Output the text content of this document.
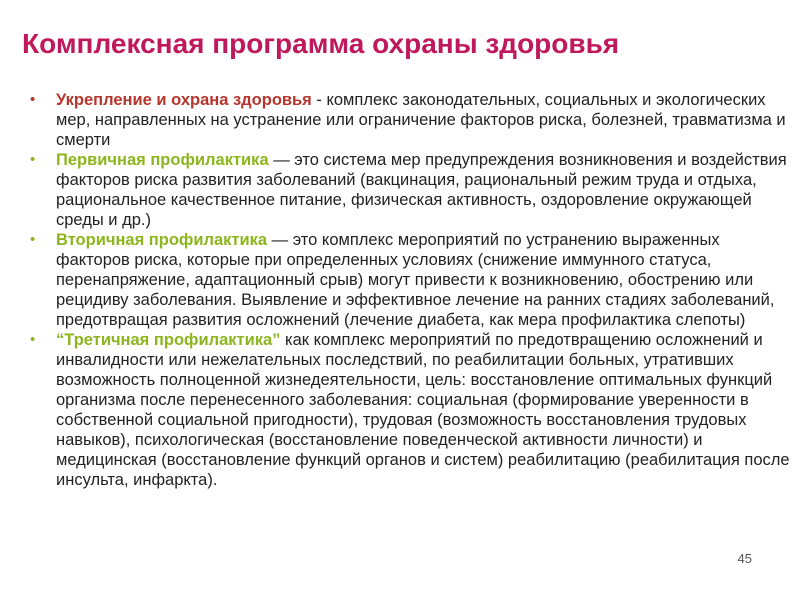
Комплексная программа охраны здоровья
• Укрепление и охрана здоровья - комплекс законодательных, социальных и экологических мер, направленных на устранение или ограничение факторов риска, болезней, травматизма и смерти
• Первичная профилактика — это система мер предупреждения возникновения и воздействия факторов риска развития заболеваний (вакцинация, рациональный режим труда и отдыха, рациональное качественное питание, физическая активность, оздоровление окружающей среды и др.)
• Вторичная профилактика — это комплекс мероприятий по устранению выраженных факторов риска, которые при определенных условиях (снижение иммунного статуса, перенапряжение, адаптационный срыв) могут привести к возникновению, обострению или рецидиву заболевания. Выявление и эффективное лечение на ранних стадиях заболеваний, предотвращая развития осложнений (лечение диабета, как мера профилактика слепоты)
• “Третичная профилактика” как комплекс мероприятий по предотвращению осложнений и инвалидности или нежелательных последствий, по реабилитации больных, утративших возможность полноценной жизнедеятельности, цель: восстановление оптимальных функций организма после перенесенного заболевания: социальная (формирование уверенности в собственной социальной пригодности), трудовая (возможность восстановления трудовых навыков), психологическая (восстановление поведенческой активности личности) и медицинская (восстановление функций органов и систем) реабилитацию (реабилитация после инсульта, инфаркта).
45
